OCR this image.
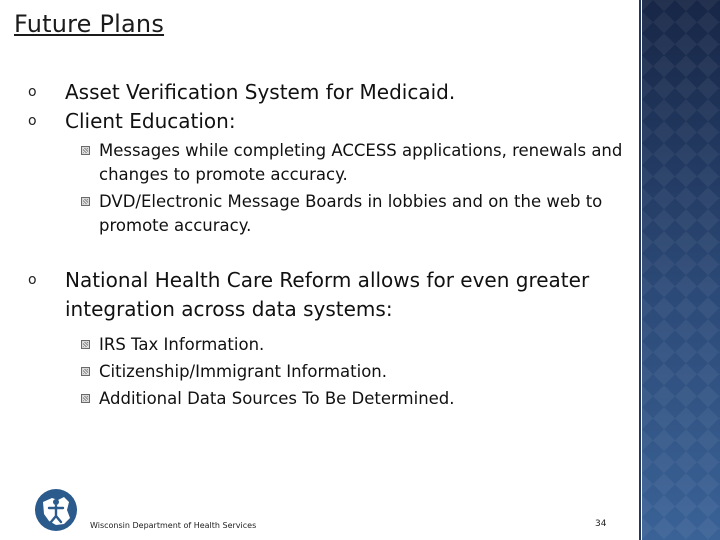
Future Plans
o Asset Verification System for Medicaid.
o Client Education:
Messages while completing ACCESS applications, renewals and changes to promote accuracy.
DVD/Electronic Message Boards in lobbies and on the web to promote accuracy.
o National Health Care Reform allows for even greater integration across data systems:
IRS Tax Information.
Citizenship/Immigrant Information.
Additional Data Sources To Be Determined.
Wisconsin Department of Health Services	34
